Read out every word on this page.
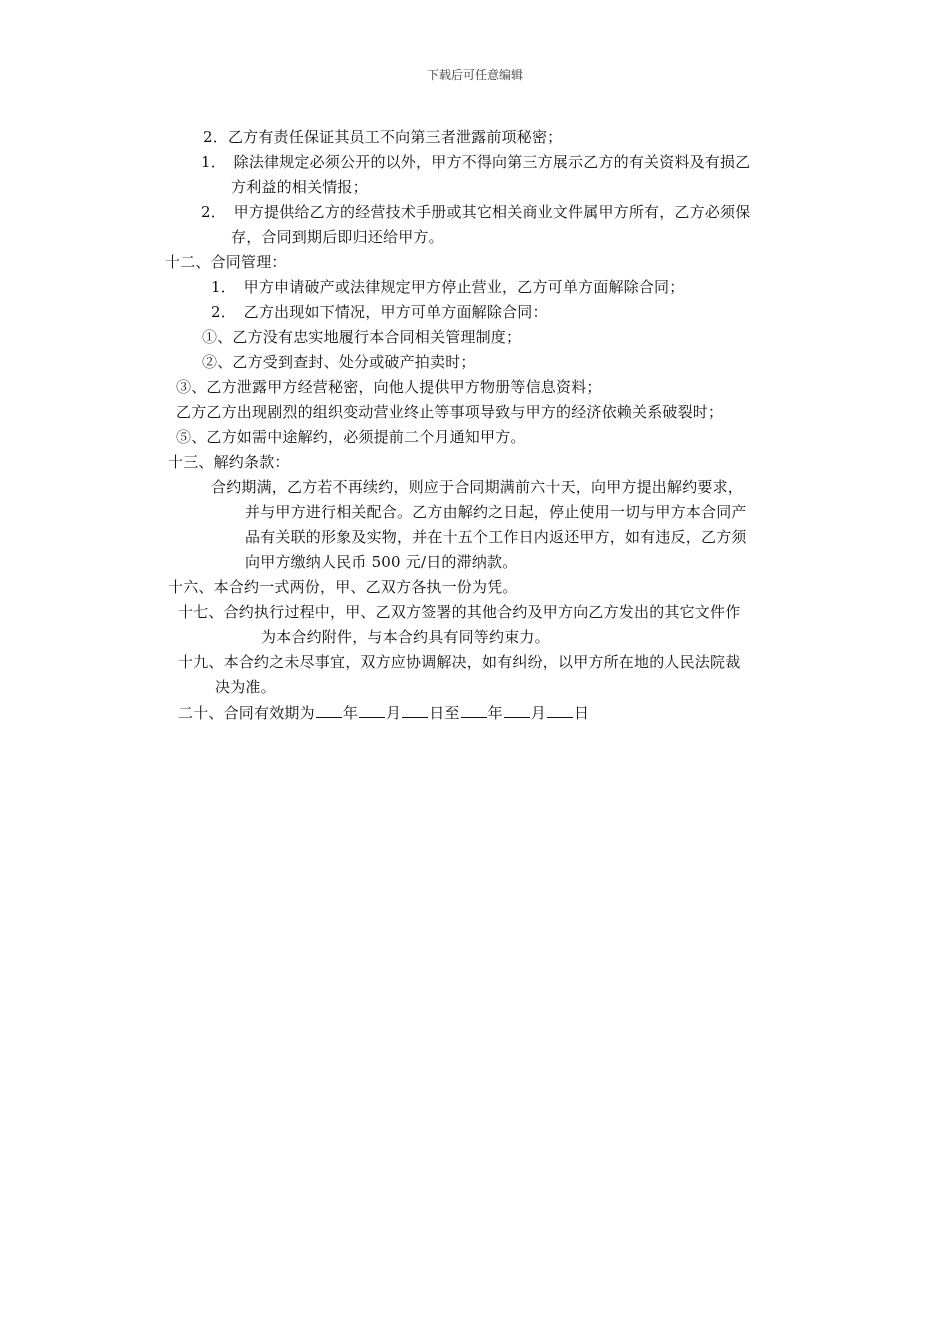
下载后可任意编辑
2．乙方有责任保证其员工不向第三者泄露前项秘密；
1．　除法律规定必须公开的以外，甲方不得向第三方展示乙方的有关资料及有损乙
方利益的相关情报；
2．　甲方提供给乙方的经营技术手册或其它相关商业文件属甲方所有，乙方必须保
存，合同到期后即归还给甲方。
十二、合同管理：
1．　甲方申请破产或法律规定甲方停止营业，乙方可单方面解除合同；
2．　乙方出现如下情况，甲方可单方面解除合同：
①、乙方没有忠实地履行本合同相关管理制度；
②、乙方受到查封、处分或破产拍卖时；
③、乙方泄露甲方经营秘密，向他人提供甲方物册等信息资料；
乙方乙方出现剧烈的组织变动营业终止等事项导致与甲方的经济依赖关系破裂时；
⑤、乙方如需中途解约，必须提前二个月通知甲方。
十三、解约条款：
合约期满，乙方若不再续约，则应于合同期满前六十天，向甲方提出解约要求，
并与甲方进行相关配合。乙方由解约之日起，停止使用一切与甲方本合同产
品有关联的形象及实物，并在十五个工作日内返还甲方，如有违反，乙方须
向甲方缴纳人民币 500 元/日的滞纳款。
十六、本合约一式两份，甲、乙双方各执一份为凭。
十七、合约执行过程中，甲、乙双方签署的其他合约及甲方向乙方发出的其它文件作
为本合约附件，与本合约具有同等约束力。
十九、本合约之未尽事宜，双方应协调解决，如有纠纷，以甲方所在地的人民法院裁
决为准。
二十、合同有效期为 年 月 日至 年 月 日
